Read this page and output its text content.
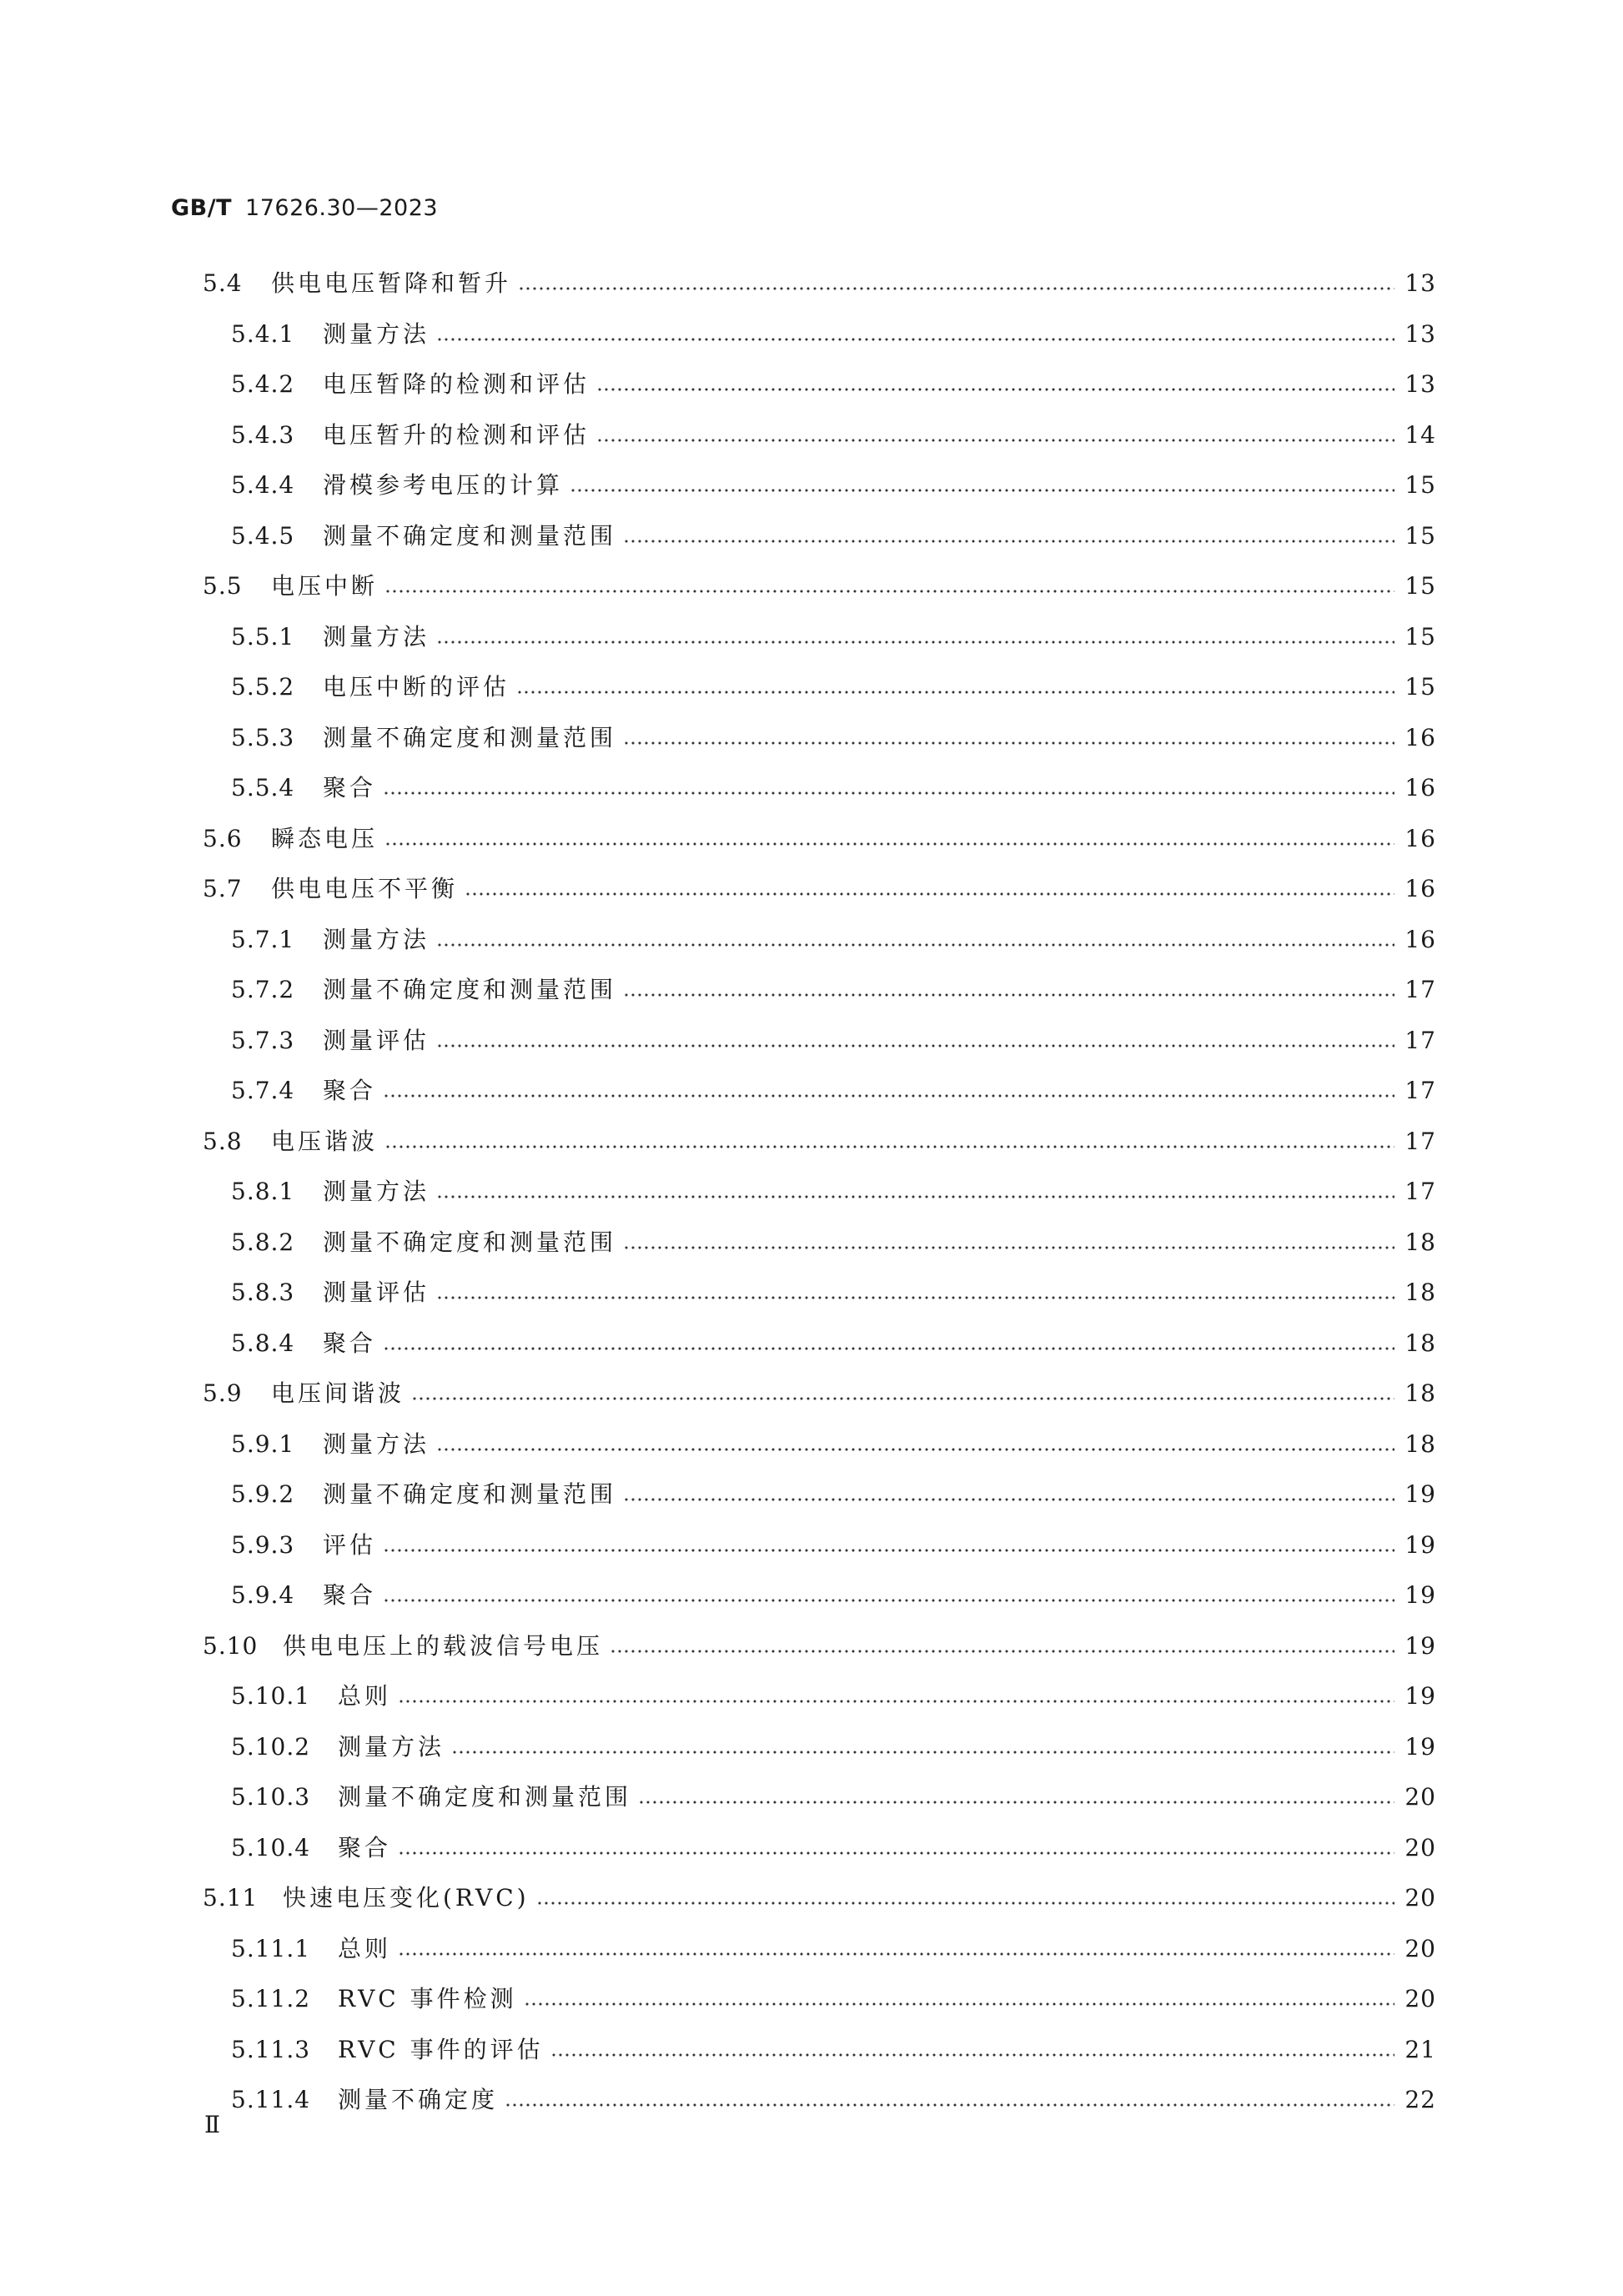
GB/T 17626.30—2023
5.4	供电电压暂降和暂升	13
5.4.1	测量方法	13
5.4.2	电压暂降的检测和评估	13
5.4.3	电压暂升的检测和评估	14
5.4.4	滑模参考电压的计算	15
5.4.5	测量不确定度和测量范围	15
5.5	电压中断	15
5.5.1	测量方法	15
5.5.2	电压中断的评估	15
5.5.3	测量不确定度和测量范围	16
5.5.4	聚合	16
5.6	瞬态电压	16
5.7	供电电压不平衡	16
5.7.1	测量方法	16
5.7.2	测量不确定度和测量范围	17
5.7.3	测量评估	17
5.7.4	聚合	17
5.8	电压谐波	17
5.8.1	测量方法	17
5.8.2	测量不确定度和测量范围	18
5.8.3	测量评估	18
5.8.4	聚合	18
5.9	电压间谐波	18
5.9.1	测量方法	18
5.9.2	测量不确定度和测量范围	19
5.9.3	评估	19
5.9.4	聚合	19
5.10	供电电压上的载波信号电压	19
5.10.1	总则	19
5.10.2	测量方法	19
5.10.3	测量不确定度和测量范围	20
5.10.4	聚合	20
5.11	快速电压变化(RVC)	20
5.11.1	总则	20
5.11.2	RVC 事件检测	20
5.11.3	RVC 事件的评估	21
5.11.4	测量不确定度	22
Ⅱ
